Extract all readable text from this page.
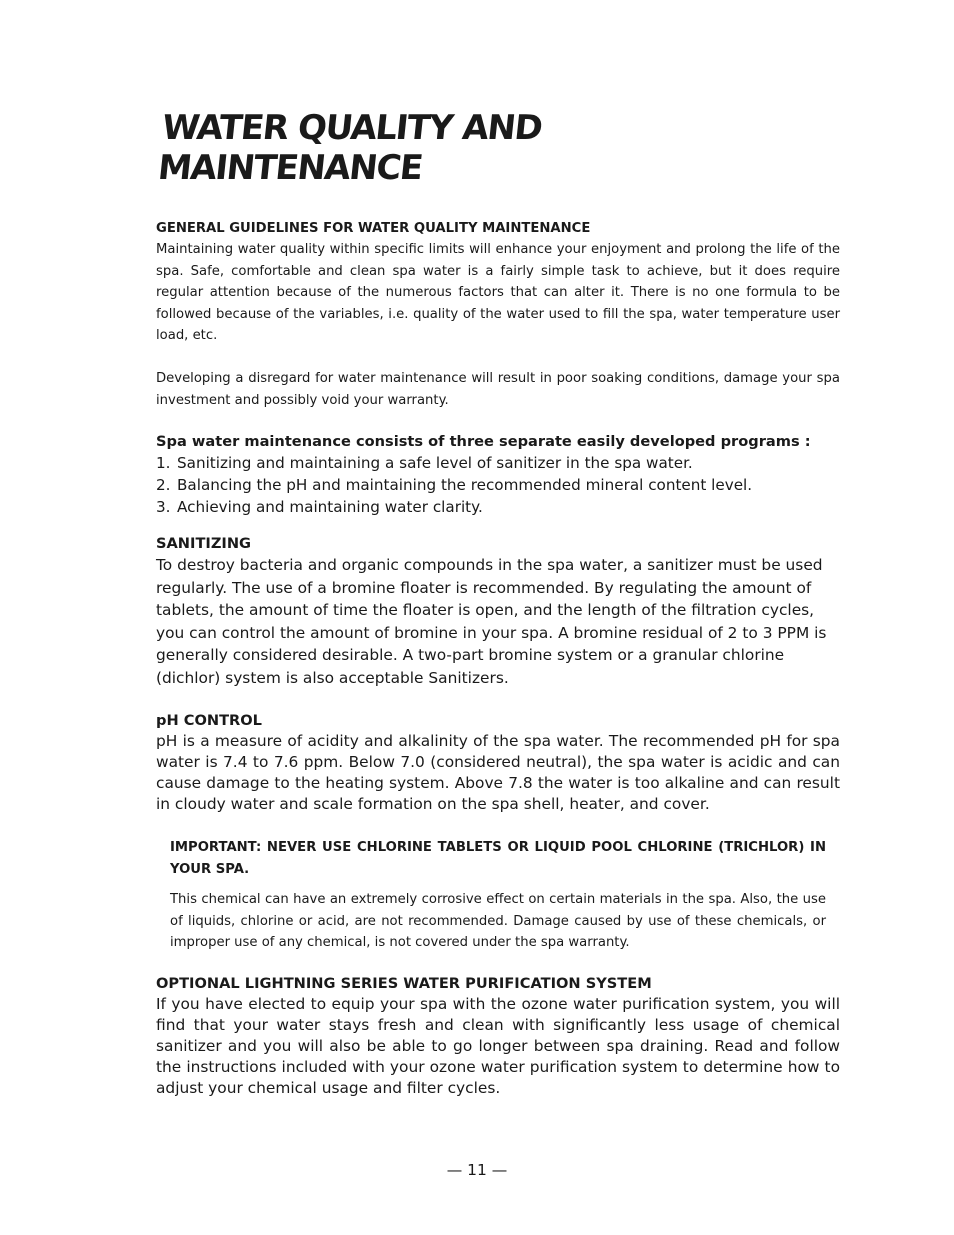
WATER QUALITY AND
MAINTENANCE
GENERAL GUIDELINES FOR WATER QUALITY MAINTENANCE

Maintaining water quality within specific limits will enhance your enjoyment and prolong the life of the spa. Safe, comfortable and clean spa water is a fairly simple task to achieve, but it does require regular attention because of the numerous factors that can alter it. There is no one formula to be followed because of the variables, i.e. quality of the water used to fill the spa, water temperature user load, etc.

Developing a disregard for water maintenance will result in poor soaking conditions, damage your spa investment and possibly void your warranty.

Spa water maintenance consists of three separate easily developed programs :
1. Sanitizing and maintaining a safe level of sanitizer in the spa water.
2. Balancing the pH and maintaining the recommended mineral content level.
3. Achieving and maintaining water clarity.
SANITIZING

To destroy bacteria and organic compounds in the spa water, a sanitizer must be used regularly. The use of a bromine floater is recommended. By regulating the amount of tablets, the amount of time the floater is open, and the length of the filtration cycles, you can control the amount of bromine in your spa. A bromine residual of 2 to 3 PPM is generally considered desirable. A two-part bromine system or a granular chlorine (dichlor) system is also acceptable Sanitizers.

pH CONTROL

pH is a measure of acidity and alkalinity of the spa water. The recommended pH for spa water is 7.4 to 7.6 ppm. Below 7.0 (considered neutral), the spa water is acidic and can cause damage to the heating system. Above 7.8 the water is too alkaline and can result in cloudy water and scale formation on the spa shell, heater, and cover.

IMPORTANT: NEVER USE CHLORINE TABLETS OR LIQUID POOL CHLORINE (TRICHLOR) IN YOUR SPA.

This chemical can have an extremely corrosive effect on certain materials in the spa. Also, the use of liquids, chlorine or acid, are not recommended. Damage caused by use of these chemicals, or improper use of any chemical, is not covered under the spa warranty.

OPTIONAL LIGHTNING SERIES WATER PURIFICATION SYSTEM

If you have elected to equip your spa with the ozone water purification system, you will find that your water stays fresh and clean with significantly less usage of chemical sanitizer and you will also be able to go longer between spa draining. Read and follow the instructions included with your ozone water purification system to determine how to adjust your chemical usage and filter cycles.

— 11 —
